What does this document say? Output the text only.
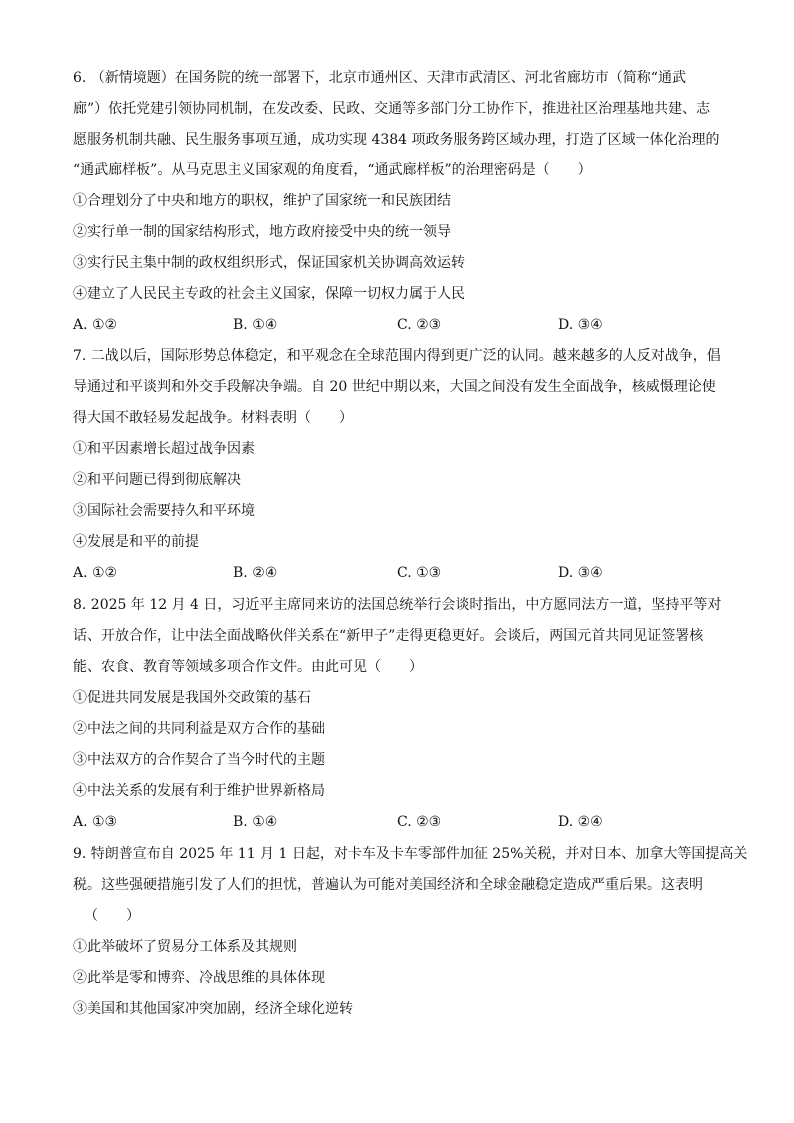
6. （新情境题）在国务院的统一部署下，北京市通州区、天津市武清区、河北省廊坊市（简称“通武
廊”）依托党建引领协同机制，在发改委、民政、交通等多部门分工协作下，推进社区治理基地共建、志
愿服务机制共融、民生服务事项互通，成功实现 4384 项政务服务跨区域办理，打造了区域一体化治理的
“通武廊样板”。从马克思主义国家观的角度看，“通武廊样板”的治理密码是（　　）
①合理划分了中央和地方的职权，维护了国家统一和民族团结
②实行单一制的国家结构形式，地方政府接受中央的统一领导
③实行民主集中制的政权组织形式，保证国家机关协调高效运转
④建立了人民民主专政的社会主义国家，保障一切权力属于人民
A. ①②	B. ①④	C. ②③	D. ③④
7. 二战以后，国际形势总体稳定，和平观念在全球范围内得到更广泛的认同。越来越多的人反对战争，倡
导通过和平谈判和外交手段解决争端。自 20 世纪中期以来，大国之间没有发生全面战争，核威慑理论使
得大国不敢轻易发起战争。材料表明（　　）
①和平因素增长超过战争因素
②和平问题已得到彻底解决
③国际社会需要持久和平环境
④发展是和平的前提
A. ①②	B. ②④	C. ①③	D. ③④
8. 2025 年 12 月 4 日，习近平主席同来访的法国总统举行会谈时指出，中方愿同法方一道，坚持平等对
话、开放合作，让中法全面战略伙伴关系在“新甲子”走得更稳更好。会谈后，两国元首共同见证签署核
能、农食、教育等领域多项合作文件。由此可见（　　）
①促进共同发展是我国外交政策的基石
②中法之间的共同利益是双方合作的基础
③中法双方的合作契合了当今时代的主题
④中法关系的发展有利于维护世界新格局
A. ①③	B. ①④	C. ②③	D. ②④
9. 特朗普宣布自 2025 年 11 月 1 日起，对卡车及卡车零部件加征 25%关税，并对日本、加拿大等国提高关
税。这些强硬措施引发了人们的担忧，普遍认为可能对美国经济和全球金融稳定造成严重后果。这表明
（　　）
①此举破坏了贸易分工体系及其规则
②此举是零和博弈、冷战思维的具体体现
③美国和其他国家冲突加剧，经济全球化逆转
